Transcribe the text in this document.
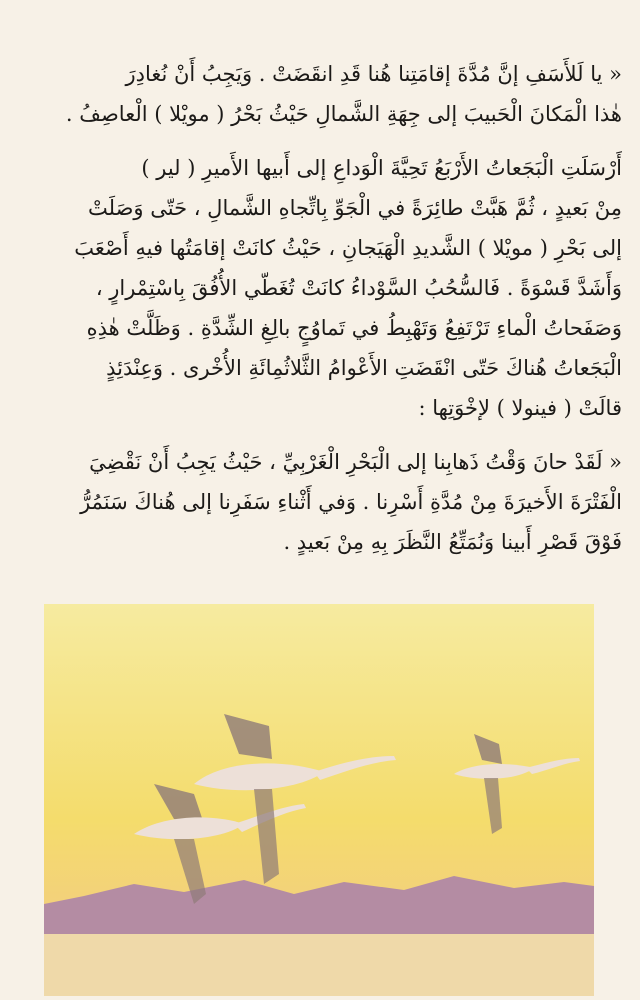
« يا لَلأَسَفِ إنَّ مُدَّةَ إقامَتِنا هُنا قَدِ انقَضَتْ . وَيَجِبُ أَنْ نُغادِرَ
هٰذا الْمَكانَ الْحَبيبَ إلى جِهَةِ الشَّمالِ حَيْثُ بَحْرُ ( مويْلا ) الْعاصِفُ .
أَرْسَلَتِ الْبَجَعاتُ الأَرْبَعُ تَحِيَّةَ الْوَداعِ إلى أَبيها الأَميرِ ( لير )
مِنْ بَعيدٍ ، ثُمَّ هَبَّتْ طائِرَةً في الْجَوِّ بِاتِّجاهِ الشَّمالِ ، حَتّى وَصَلَتْ
إلى بَحْرِ ( مويْلا ) الشَّديدِ الْهَيَجانِ ، حَيْثُ كانَتْ إقامَتُها فيهِ أَصْعَبَ
وَأَشَدَّ قَسْوَةً . فَالسُّحُبُ السَّوْداءُ كانَتْ تُغَطّي الأُفُقَ بِاسْتِمْرارٍ ،
وَصَفَحاتُ الْماءِ تَرْتَفِعُ وَتَهْبِطُ في تَماوُجٍ بالِغِ الشِّدَّةِ . وَظَلَّتْ هٰذِهِ
الْبَجَعاتُ هُناكَ حَتّى انْقَضَتِ الأَعْوامُ الثَّلاثُمِائَةِ الأُخْرى . وَعِنْدَئِذٍ
قالَتْ ( فينولا ) لإخْوَتِها :
« لَقَدْ حانَ وَقْتُ ذَهابِنا إلى الْبَحْرِ الْغَرْبِيِّ ، حَيْثُ يَجِبُ أَنْ نَقْضِيَ
الْفَتْرَةَ الأَخيرَةَ مِنْ مُدَّةِ أَسْرِنا . وَفي أَثْناءِ سَفَرِنا إلى هُناكَ سَنَمُرُّ
فَوْقَ قَصْرِ أَبينا وَنُمَتِّعُ النَّظَرَ بِهِ مِنْ بَعيدٍ .
